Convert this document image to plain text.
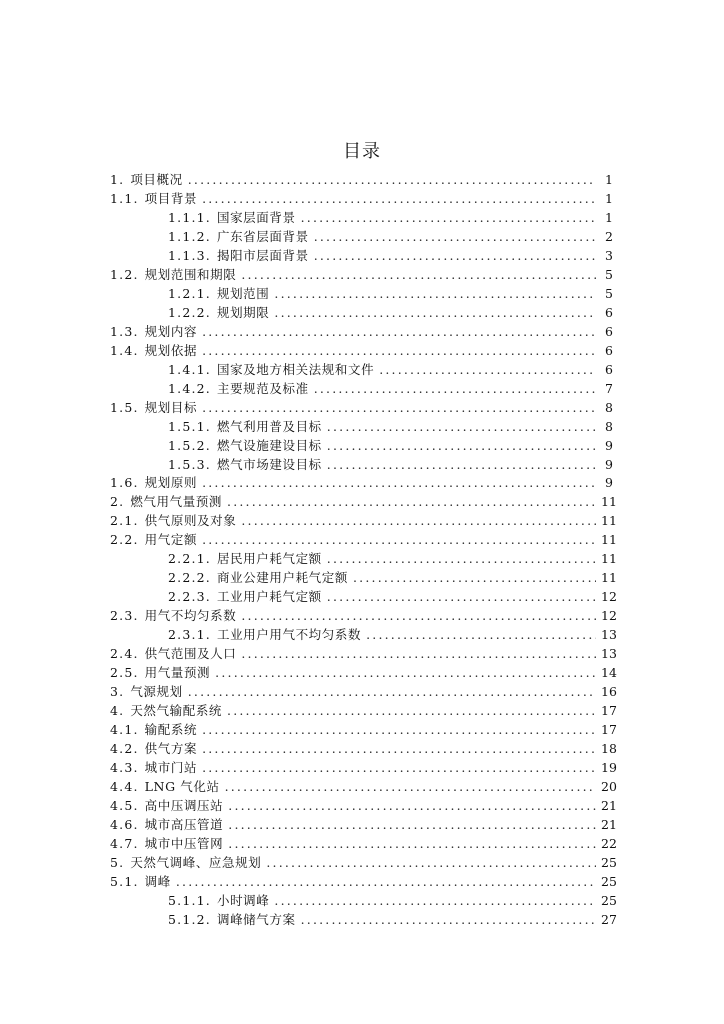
目录
1. 项目概况 .....	1
1.1. 项目背景 .....	1
1.1.1. 国家层面背景 .....	1
1.1.2. 广东省层面背景 .....	2
1.1.3. 揭阳市层面背景 .....	3
1.2. 规划范围和期限 .....	5
1.2.1. 规划范围 .....	5
1.2.2. 规划期限 .....	6
1.3. 规划内容 .....	6
1.4. 规划依据 .....	6
1.4.1. 国家及地方相关法规和文件 .....	6
1.4.2. 主要规范及标准 .....	7
1.5. 规划目标 .....	8
1.5.1. 燃气利用普及目标 .....	8
1.5.2. 燃气设施建设目标 .....	9
1.5.3. 燃气市场建设目标 .....	9
1.6. 规划原则 .....	9
2. 燃气用气量预测 .....	11
2.1. 供气原则及对象 .....	11
2.2. 用气定额 .....	11
2.2.1. 居民用户耗气定额 .....	11
2.2.2. 商业公建用户耗气定额 .....	11
2.2.3. 工业用户耗气定额 .....	12
2.3. 用气不均匀系数 .....	12
2.3.1. 工业用户用气不均匀系数 .....	13
2.4. 供气范围及人口 .....	13
2.5. 用气量预测 .....	14
3. 气源规划 .....	16
4. 天然气输配系统 .....	17
4.1. 输配系统 .....	17
4.2. 供气方案 .....	18
4.3. 城市门站 .....	19
4.4. LNG 气化站 .....	20
4.5. 高中压调压站 .....	21
4.6. 城市高压管道 .....	21
4.7. 城市中压管网 .....	22
5. 天然气调峰、应急规划 .....	25
5.1. 调峰 .....	25
5.1.1. 小时调峰 .....	25
5.1.2. 调峰储气方案 .....	27
